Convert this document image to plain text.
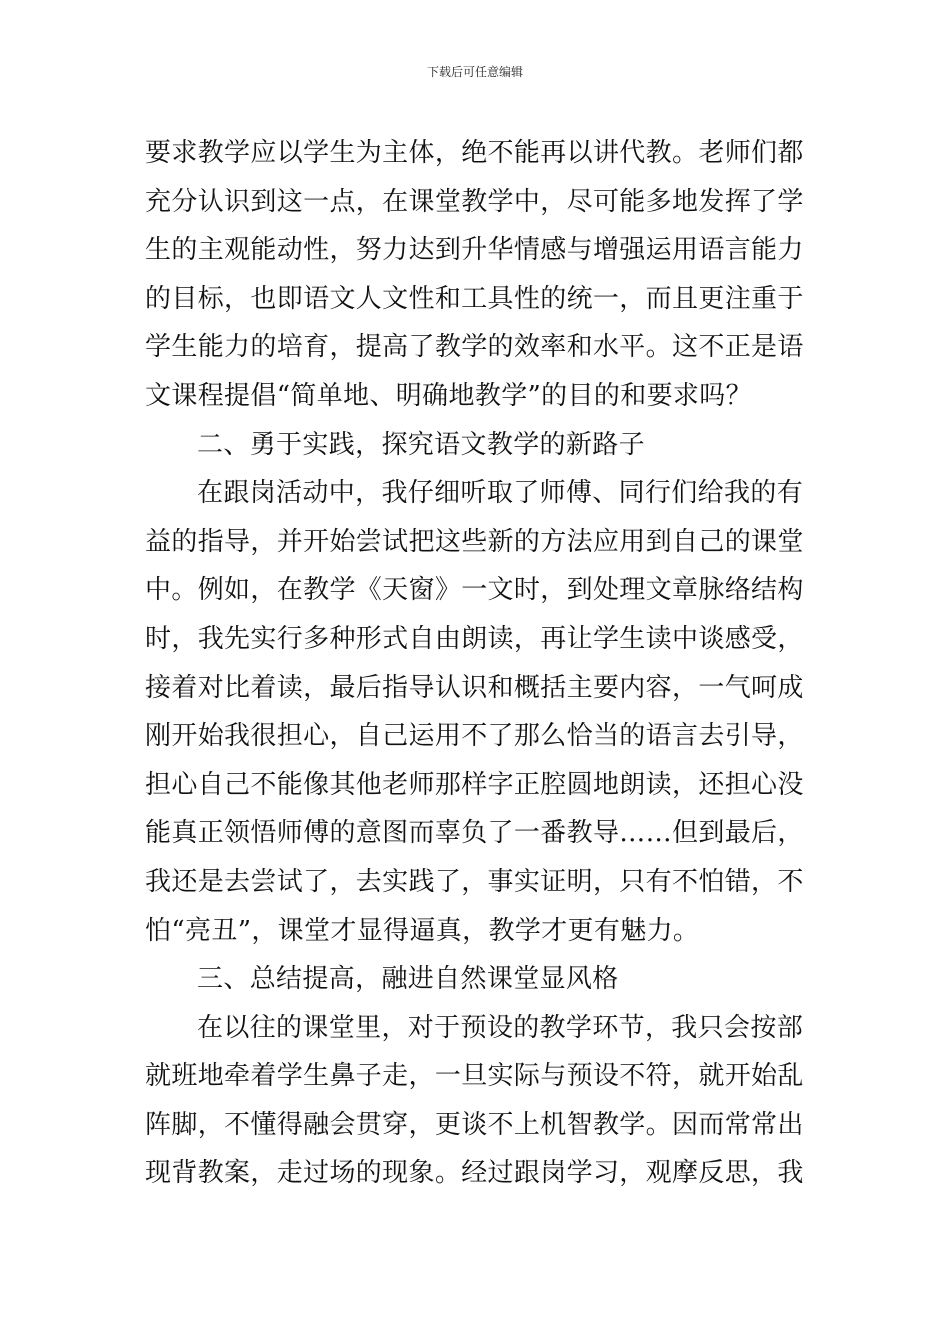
下载后可任意编辑
要求教学应以学生为主体，绝不能再以讲代教。老师们都
充分认识到这一点，在课堂教学中，尽可能多地发挥了学
生的主观能动性，努力达到升华情感与增强运用语言能力
的目标，也即语文人文性和工具性的统一，而且更注重于
学生能力的培育，提高了教学的效率和水平。这不正是语
文课程提倡“简单地、明确地教学”的目的和要求吗？
二、勇于实践，探究语文教学的新路子
在跟岗活动中，我仔细听取了师傅、同行们给我的有
益的指导，并开始尝试把这些新的方法应用到自己的课堂
中。例如，在教学《天窗》一文时，到处理文章脉络结构
时，我先实行多种形式自由朗读，再让学生读中谈感受，
接着对比着读，最后指导认识和概括主要内容，一气呵成
刚开始我很担心，自己运用不了那么恰当的语言去引导，
担心自己不能像其他老师那样字正腔圆地朗读，还担心没
能真正领悟师傅的意图而辜负了一番教导……但到最后，
我还是去尝试了，去实践了，事实证明，只有不怕错，不
怕“亮丑”，课堂才显得逼真，教学才更有魅力。
三、总结提高，融进自然课堂显风格
在以往的课堂里，对于预设的教学环节，我只会按部
就班地牵着学生鼻子走，一旦实际与预设不符，就开始乱
阵脚，不懂得融会贯穿，更谈不上机智教学。因而常常出
现背教案，走过场的现象。经过跟岗学习，观摩反思，我
